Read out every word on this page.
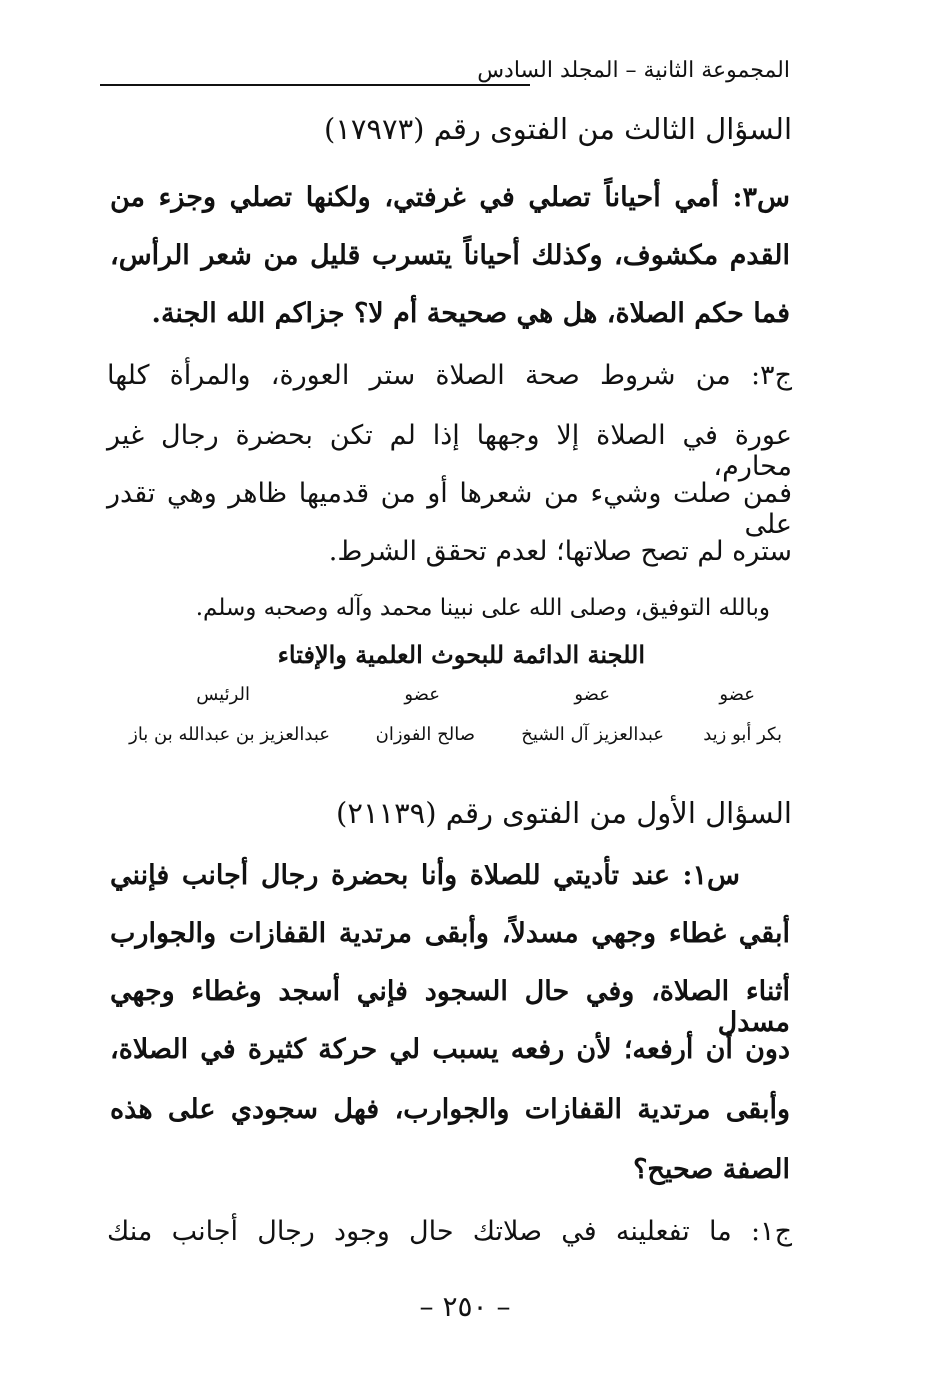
المجموعة الثانية – المجلد السادس
السؤال الثالث من الفتوى رقم (١٧٩٧٣)
س٣: أمي أحياناً تصلي في غرفتي، ولكنها تصلي وجزء من
القدم مكشوف، وكذلك أحياناً يتسرب قليل من شعر الرأس،
فما حكم الصلاة، هل هي صحيحة أم لا؟ جزاكم الله الجنة.
ج٣: من شروط صحة الصلاة ستر العورة، والمرأة كلها
عورة في الصلاة إلا وجهها إذا لم تكن بحضرة رجال غير محارم،
فمن صلت وشيء من شعرها أو من قدميها ظاهر وهي تقدر على
ستره لم تصح صلاتها؛ لعدم تحقق الشرط.
وبالله التوفيق، وصلى الله على نبينا محمد وآله وصحبه وسلم.
اللجنة الدائمة للبحوث العلمية والإفتاء
عضو
عضو
عضو
الرئيس
بكر أبو زيد
عبدالعزيز آل الشيخ
صالح الفوزان
عبدالعزيز بن عبدالله بن باز
السؤال الأول من الفتوى رقم (٢١١٣٩)
س١: عند تأديتي للصلاة وأنا بحضرة رجال أجانب فإنني
أبقي غطاء وجهي مسدلاً، وأبقى مرتدية القفازات والجوارب
أثناء الصلاة، وفي حال السجود فإني أسجد وغطاء وجهي مسدل
دون أن أرفعه؛ لأن رفعه يسبب لي حركة كثيرة في الصلاة،
وأبقى مرتدية القفازات والجوارب، فهل سجودي على هذه
الصفة صحيح؟
ج١: ما تفعلينه في صلاتك حال وجود رجال أجانب منك
– ٢٥٠ –
